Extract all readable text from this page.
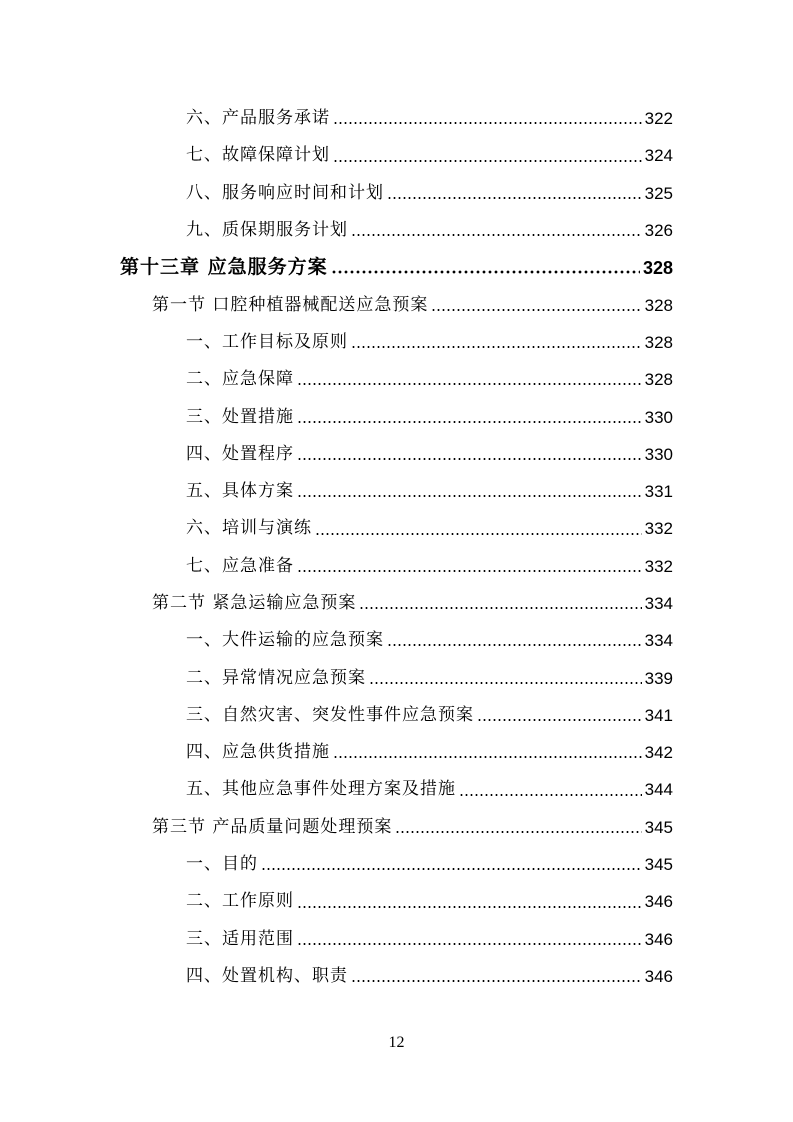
六、产品服务承诺	322
七、故障保障计划	324
八、服务响应时间和计划	325
九、质保期服务计划	326
第十三章 应急服务方案	328
第一节 口腔种植器械配送应急预案	328
一、工作目标及原则	328
二、应急保障	328
三、处置措施	330
四、处置程序	330
五、具体方案	331
六、培训与演练	332
七、应急准备	332
第二节 紧急运输应急预案	334
一、大件运输的应急预案	334
二、异常情况应急预案	339
三、自然灾害、突发性事件应急预案	341
四、应急供货措施	342
五、其他应急事件处理方案及措施	344
第三节 产品质量问题处理预案	345
一、目的	345
二、工作原则	346
三、适用范围	346
四、处置机构、职责	346
12
